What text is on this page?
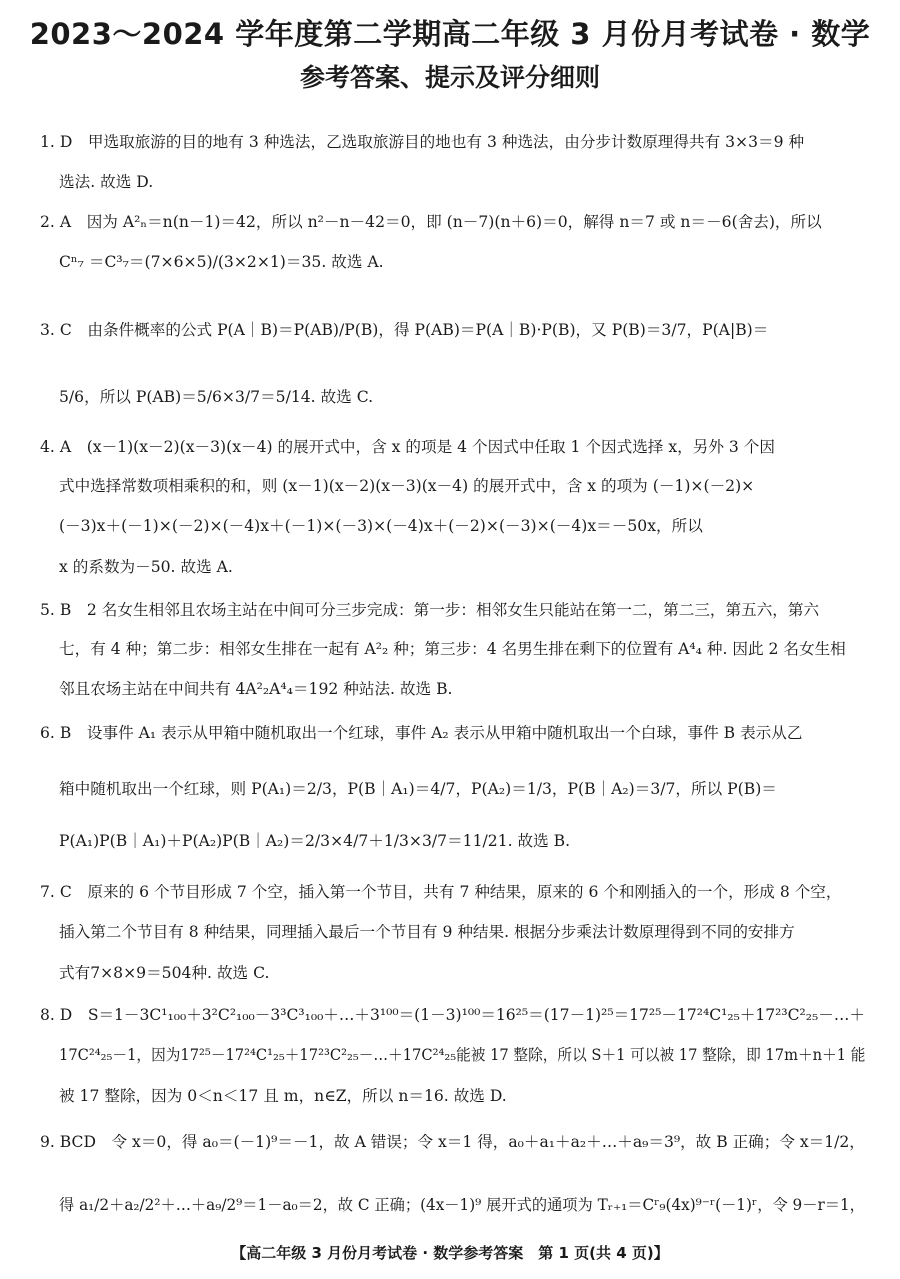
2023～2024 学年度第二学期高二年级 3 月份月考试卷 · 数学
参考答案、提示及评分细则
1. D　甲选取旅游的目的地有 3 种选法，乙选取旅游目的地也有 3 种选法，由分步计数原理得共有 3×3＝9 种
选法. 故选 D.
2. A　因为 A²ₙ＝n(n－1)＝42，所以 n²－n－42＝0，即 (n－7)(n＋6)＝0，解得 n＝7 或 n＝－6(舍去)，所以
Cⁿ₇ ＝C³₇＝(7×6×5)/(3×2×1)＝35. 故选 A.
3. C　由条件概率的公式 P(A｜B)＝P(AB)/P(B)，得 P(AB)＝P(A｜B)·P(B)，又 P(B)＝3/7，P(A|B)＝
5/6，所以 P(AB)＝5/6×3/7＝5/14. 故选 C.
4. A　(x－1)(x－2)(x－3)(x－4) 的展开式中，含 x 的项是 4 个因式中任取 1 个因式选择 x，另外 3 个因
式中选择常数项相乘积的和，则 (x－1)(x－2)(x－3)(x－4) 的展开式中，含 x 的项为 (－1)×(－2)×
(－3)x＋(－1)×(－2)×(－4)x＋(－1)×(－3)×(－4)x＋(－2)×(－3)×(－4)x＝－50x，所以
x 的系数为－50. 故选 A.
5. B　2 名女生相邻且农场主站在中间可分三步完成：第一步：相邻女生只能站在第一二，第二三，第五六，第六
七，有 4 种；第二步：相邻女生排在一起有 A²₂ 种；第三步：4 名男生排在剩下的位置有 A⁴₄ 种. 因此 2 名女生相
邻且农场主站在中间共有 4A²₂A⁴₄＝192 种站法. 故选 B.
6. B　设事件 A₁ 表示从甲箱中随机取出一个红球，事件 A₂ 表示从甲箱中随机取出一个白球，事件 B 表示从乙
箱中随机取出一个红球，则 P(A₁)＝2/3，P(B｜A₁)＝4/7，P(A₂)＝1/3，P(B｜A₂)＝3/7，所以 P(B)＝
P(A₁)P(B｜A₁)＋P(A₂)P(B｜A₂)＝2/3×4/7＋1/3×3/7＝11/21. 故选 B.
7. C　原来的 6 个节目形成 7 个空，插入第一个节目，共有 7 种结果，原来的 6 个和刚插入的一个，形成 8 个空，
插入第二个节目有 8 种结果，同理插入最后一个节目有 9 种结果. 根据分步乘法计数原理得到不同的安排方
式有7×8×9＝504种. 故选 C.
8. D　S＝1－3C¹₁₀₀＋3²C²₁₀₀－3³C³₁₀₀＋…＋3¹⁰⁰＝(1－3)¹⁰⁰＝16²⁵＝(17－1)²⁵＝17²⁵－17²⁴C¹₂₅＋17²³C²₂₅－…＋
17C²⁴₂₅－1，因为17²⁵－17²⁴C¹₂₅＋17²³C²₂₅－…＋17C²⁴₂₅能被 17 整除，所以 S＋1 可以被 17 整除，即 17m＋n＋1 能
被 17 整除，因为 0＜n＜17 且 m，n∈Z，所以 n＝16. 故选 D.
9. BCD　令 x＝0，得 a₀＝(－1)⁹＝－1，故 A 错误；令 x＝1 得，a₀＋a₁＋a₂＋…＋a₉＝3⁹，故 B 正确；令 x＝1/2，
得 a₁/2＋a₂/2²＋…＋a₉/2⁹＝1－a₀＝2，故 C 正确；(4x－1)⁹ 展开式的通项为 Tᵣ₊₁＝Cʳ₉(4x)⁹⁻ʳ(－1)ʳ，令 9－r＝1，
【高二年级 3 月份月考试卷 · 数学参考答案　第 1 页(共 4 页)】
